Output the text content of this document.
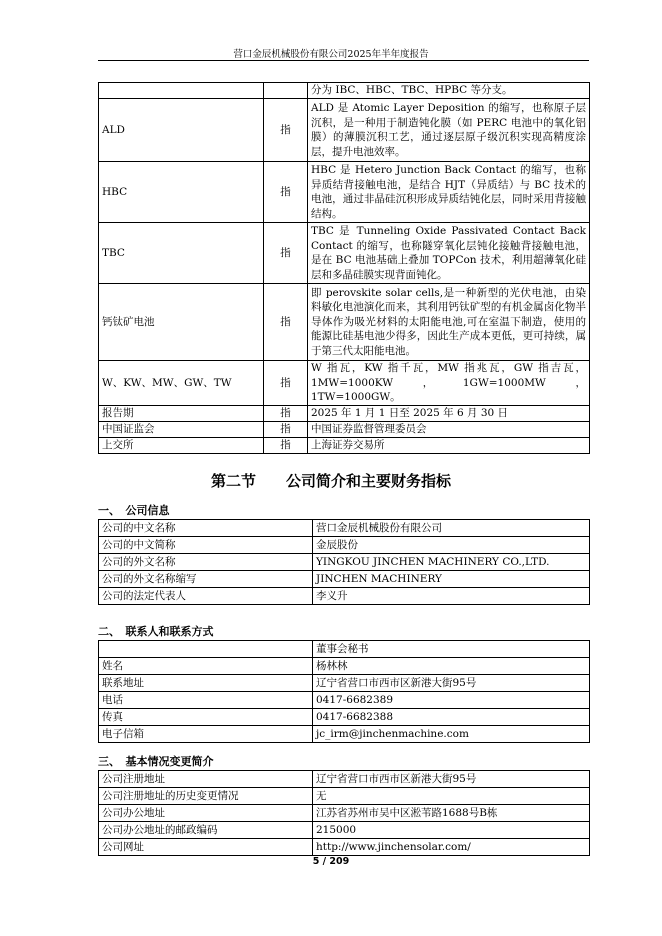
营口金辰机械股份有限公司2025年半年度报告
		分为 IBC、HBC、TBC、HPBC 等分支。
ALD	指	ALD 是 Atomic Layer Deposition 的缩写，也称原子层沉积，是一种用于制造钝化膜（如 PERC 电池中的氧化铝膜）的薄膜沉积工艺，通过逐层原子级沉积实现高精度涂层，提升电池效率。
HBC	指	HBC 是 Hetero Junction Back Contact 的缩写，也称异质结背接触电池，是结合 HJT（异质结）与 BC 技术的电池，通过非晶硅沉积形成异质结钝化层，同时采用背接触结构。
TBC	指	TBC 是 Tunneling Oxide Passivated Contact Back Contact 的缩写，也称隧穿氧化层钝化接触背接触电池，是在 BC 电池基础上叠加 TOPCon 技术，利用超薄氧化硅层和多晶硅膜实现背面钝化。
钙钛矿电池	指	即 perovskite solar cells,是一种新型的光伏电池，由染料敏化电池演化而来，其利用钙钛矿型的有机金属卤化物半导体作为吸光材料的太阳能电池,可在室温下制造，使用的能源比硅基电池少得多，因此生产成本更低，更可持续，属于第三代太阳能电池。
W、KW、MW、GW、TW	指	W 指瓦，KW 指千瓦，MW 指兆瓦，GW 指吉瓦，1MW=1000KW，1GW=1000MW，1TW=1000GW。
报告期	指	2025 年 1 月 1 日至 2025 年 6 月 30 日
中国证监会	指	中国证券监督管理委员会
上交所	指	上海证券交易所
第二节　　公司简介和主要财务指标
一、　公司信息
公司的中文名称	营口金辰机械股份有限公司
公司的中文简称	金辰股份
公司的外文名称	YINGKOU JINCHEN MACHINERY CO.,LTD.
公司的外文名称缩写	JINCHEN MACHINERY
公司的法定代表人	李义升
二、　联系人和联系方式
	董事会秘书
姓名	杨林林
联系地址	辽宁省营口市西市区新港大街95号
电话	0417-6682389
传真	0417-6682388
电子信箱	jc_irm@jinchenmachine.com
三、　基本情况变更简介
公司注册地址	辽宁省营口市西市区新港大街95号
公司注册地址的历史变更情况	无
公司办公地址	江苏省苏州市吴中区淞苇路1688号B栋
公司办公地址的邮政编码	215000
公司网址	http://www.jinchensolar.com/
5 / 209
